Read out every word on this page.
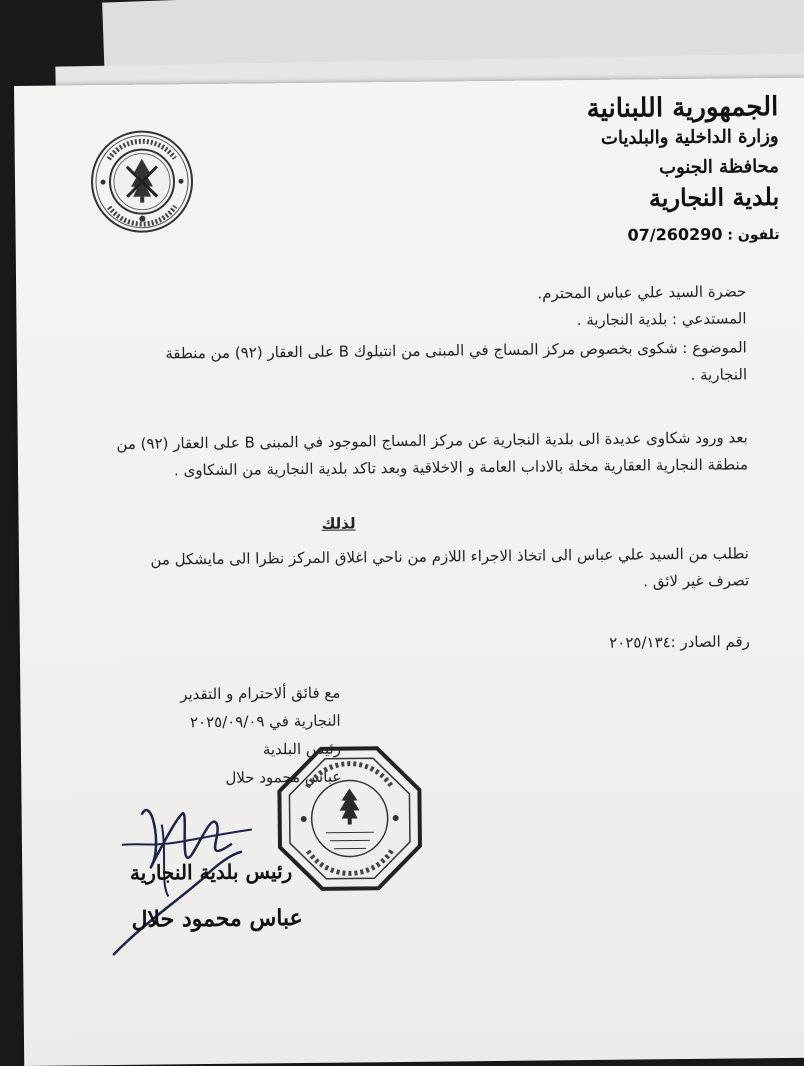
الجمهورية اللبنانية
وزارة الداخلية والبلديات
محافظة الجنوب
بلدية النجارية
تلفون : 07/260290
حضرة السيد علي عباس المحترم.
المستدعي : بلدية النجارية .
الموضوع : شكوى بخصوص مركز المساج في المبنى من انتبلوك B على العقار (٩٢) من منطقة النجارية .
بعد ورود شكاوى عديدة الى بلدية النجارية عن مركز المساج الموجود في المبنى B على العقار (٩٢) من منطقة النجارية العقارية مخلة بالاداب العامة و الاخلاقية وبعد تاكد بلدية النجارية من الشكاوى .
لذلك
نطلب من السيد علي عباس الى اتخاذ الاجراء اللازم من ناحي اغلاق المركز نظرا الى مايشكل من تصرف غير لائق .
رقم الصادر :٢٠٢٥/١٣٤
مع فائق ألاحترام و التقدير
النجارية في ٢٠٢٥/٠٩/٠٩
رئيس البلدية
عباس محمود حلال
رئيس بلدية النجارية
عباس محمود حلال
